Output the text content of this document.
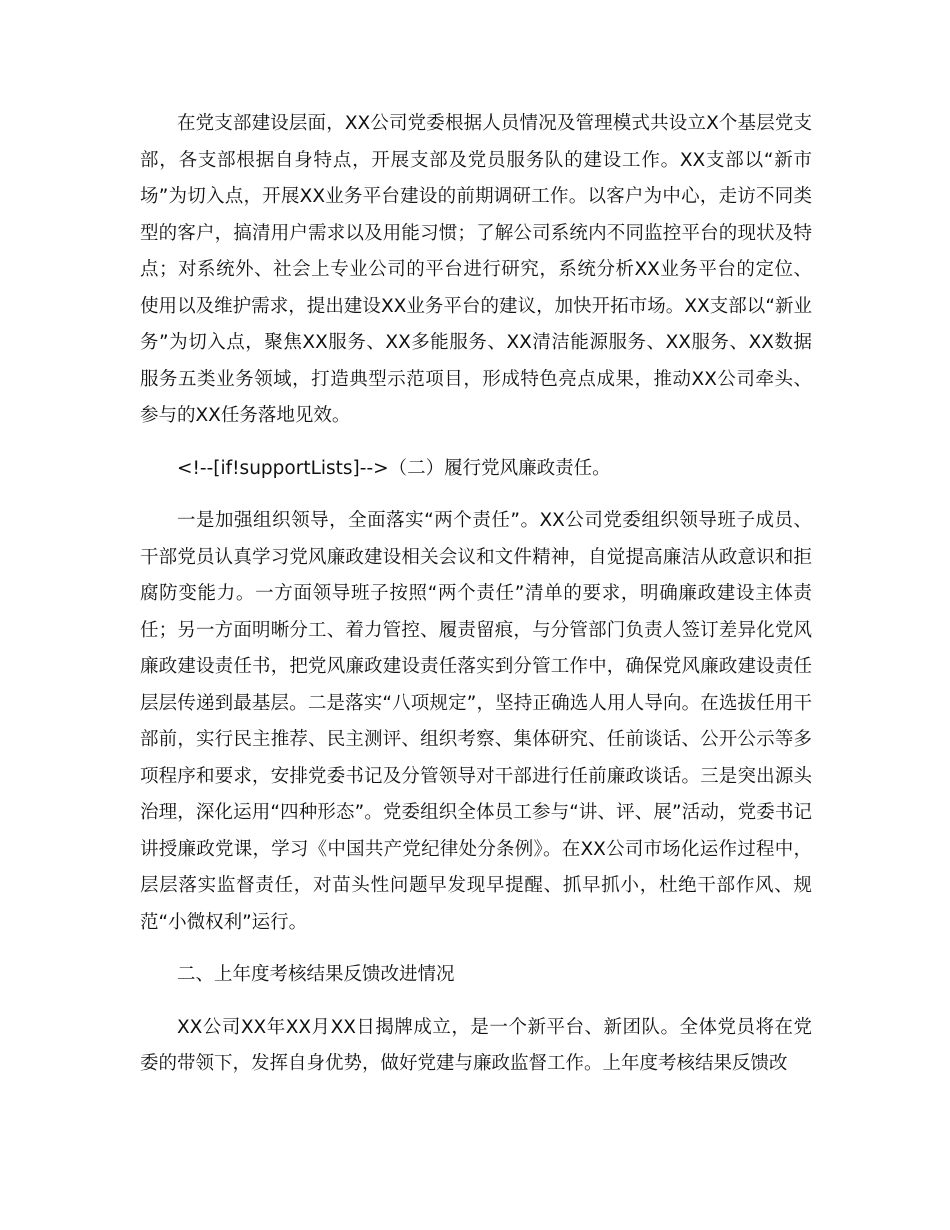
在党支部建设层面，XX公司党委根据人员情况及管理模式共设立X个基层党支部，各支部根据自身特点，开展支部及党员服务队的建设工作。XX支部以“新市场”为切入点，开展XX业务平台建设的前期调研工作。以客户为中心，走访不同类型的客户，搞清用户需求以及用能习惯；了解公司系统内不同监控平台的现状及特点；对系统外、社会上专业公司的平台进行研究，系统分析XX业务平台的定位、使用以及维护需求，提出建设XX业务平台的建议，加快开拓市场。XX支部以“新业务”为切入点，聚焦XX服务、XX多能服务、XX清洁能源服务、XX服务、XX数据服务五类业务领域，打造典型示范项目，形成特色亮点成果，推动XX公司牵头、参与的XX任务落地见效。

<!--[if!supportLists]-->（二）履行党风廉政责任。

一是加强组织领导，全面落实“两个责任”。XX公司党委组织领导班子成员、干部党员认真学习党风廉政建设相关会议和文件精神，自觉提高廉洁从政意识和拒腐防变能力。一方面领导班子按照“两个责任”清单的要求，明确廉政建设主体责任；另一方面明晰分工、着力管控、履责留痕，与分管部门负责人签订差异化党风廉政建设责任书，把党风廉政建设责任落实到分管工作中，确保党风廉政建设责任层层传递到最基层。二是落实“八项规定”，坚持正确选人用人导向。在选拔任用干部前，实行民主推荐、民主测评、组织考察、集体研究、任前谈话、公开公示等多项程序和要求，安排党委书记及分管领导对干部进行任前廉政谈话。三是突出源头治理，深化运用“四种形态”。党委组织全体员工参与“讲、评、展”活动，党委书记讲授廉政党课，学习《中国共产党纪律处分条例》。在XX公司市场化运作过程中，层层落实监督责任，对苗头性问题早发现早提醒、抓早抓小，杜绝干部作风、规范“小微权利”运行。

二、上年度考核结果反馈改进情况

XX公司XX年XX月XX日揭牌成立，是一个新平台、新团队。全体党员将在党委的带领下，发挥自身优势，做好党建与廉政监督工作。上年度考核结果反馈改
